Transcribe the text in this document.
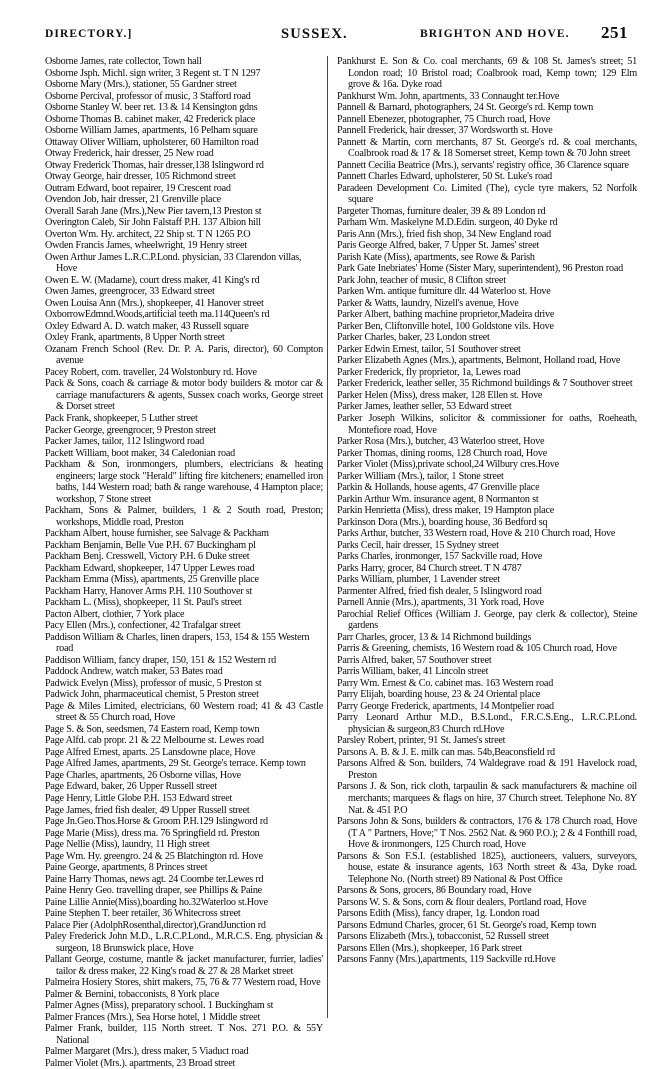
DIRECTORY.]	SUSSEX.	BRIGHTON AND HOVE. 251

Osborne James, rate collector, Town hall

Osborne Jsph. Michl. sign writer, 3 Regent st. T N 1297

Osborne Mary (Mrs.), stationer, 55 Gardner street

Osborne Percival, professor of music, 3 Stafford road

Osborne Stanley W. beer ret. 13 & 14 Kensington gdns

Osborne Thomas B. cabinet maker, 42 Frederick place

Osborne William James, apartments, 16 Pelham square

Ottaway Oliver William, upholsterer, 60 Hamilton road

Otway Frederick, hair dresser, 25 New road

Otway Frederick Thomas, hair dresser,138 Islingword rd

Otway George, hair dresser, 105 Richmond street

Outram Edward, boot repairer, 19 Crescent road

Ovendon Job, hair dresser, 21 Grenville place

Overall Sarah Jane (Mrs.),New Pier tavern,13 Preston st

Overington Caleb, Sir John Falstaff P.H. 137 Albion hill

Overton Wm. Hy. architect, 22 Ship st. T N 1265 P.O

Owden Francis James, wheelwright, 19 Henry street

Owen Arthur James L.R.C.P.Lond. physician, 33 Clarendon villas, Hove

Owen E. W. (Madame), court dress maker, 41 King's rd

Owen James, greengrocer, 33 Edward street

Owen Louisa Ann (Mrs.), shopkeeper, 41 Hanover street

OxborrowEdmnd.Woods,artificial teeth ma.114Queen's rd

Oxley Edward A. D. watch maker, 43 Russell square

Oxley Frank, apartments, 8 Upper North street

Ozanam French School (Rev. Dr. P. A. Paris, director), 60 Compton avenue

Pacey Robert, com. traveller, 24 Wolstonbury rd. Hove

Pack & Sons, coach & carriage & motor body builders & motor car & carriage manufacturers & agents, Sussex coach works, George street & Dorset street

Pack Frank, shopkeeper, 5 Luther street

Packer George, greengrocer, 9 Preston street

Packer James, tailor, 112 Islingword road

Packett William, boot maker, 34 Caledonian road

Packham & Son, ironmongers, plumbers, electricians & heating engineers; large stock "Herald" lifting fire kitcheners; enamelled iron baths, 144 Western road; bath & range warehouse, 4 Hampton place; workshop, 7 Stone street

Packham, Sons & Palmer, builders, 1 & 2 South road, Preston; workshops, Middle road, Preston

Packham Albert, house furnisher, see Salvage & Packham

Packham Benjamin, Belle Vue P.H. 67 Buckingham pl

Packham Benj. Cresswell, Victory P.H. 6 Duke street

Packham Edward, shopkeeper, 147 Upper Lewes road

Packham Emma (Miss), apartments, 25 Grenville place

Packham Harry, Hanover Arms P.H. 110 Southover st

Packham L. (Miss), shopkeeper, 11 St. Paul's street

Pacton Albert, clothier, 7 York place

Pacy Ellen (Mrs.), confectioner, 42 Trafalgar street

Paddison William & Charles, linen drapers, 153, 154 & 155 Western road

Paddison William, fancy draper, 150, 151 & 152 Western rd

Paddock Andrew, watch maker, 53 Bates road

Padwick Evelyn (Miss), professor of music, 5 Preston st

Padwick John, pharmaceutical chemist, 5 Preston street

Page & Miles Limited, electricians, 60 Western road; 41 & 43 Castle street & 55 Church road, Hove

Page S. & Son, seedsmen, 74 Eastern road, Kemp town

Page Alfd. cab propr. 21 & 22 Melbourne st. Lewes road

Page Alfred Ernest, aparts. 25 Lansdowne place, Hove

Page Alfred James, apartments, 29 St. George's terrace. Kemp town

Page Charles, apartments, 26 Osborne villas, Hove

Page Edward, baker, 26 Upper Russell street

Page Henry, Little Globe P.H. 153 Edward street

Page James, fried fish dealer, 49 Upper Russell street

Page Jn.Geo.Thos.Horse & Groom P.H.129 Islingword rd

Page Marie (Miss), dress ma. 76 Springfield rd. Preston

Page Nellie (Miss), laundry, 11 High street

Page Wm. Hy. greengro. 24 & 25 Blatchington rd. Hove

Paine George, apartments, 8 Princes street

Paine Harry Thomas, news agt. 24 Coombe ter.Lewes rd

Paine Henry Geo. travelling draper, see Phillips & Paine

Paine Lillie Annie(Miss),boarding ho.32Waterloo st.Hove

Paine Stephen T. beer retailer, 36 Whitecross street

Palace Pier (AdolphRosenthal,director),GrandJunction rd

Paley Frederick John M.D., L.R.C.P.Lond., M.R.C.S. Eng. physician & surgeon, 18 Brunswick place, Hove

Pallant George, costume, mantle & jacket manufacturer, furrier, ladies' tailor & dress maker, 22 King's road & 27 & 28 Market street

Palmeira Hosiery Stores, shirt makers, 75, 76 & 77 Western road, Hove

Palmer & Bernini, tobacconists, 8 York place

Palmer Agnes (Miss), preparatory school. 1 Buckingham st

Palmer Frances (Mrs.), Sea Horse hotel, 1 Middle street

Palmer Frank, builder, 115 North street. T Nos. 271 P.O. & 55Y National

Palmer Margaret (Mrs.), dress maker, 5 Viaduct road

Palmer Violet (Mrs.). apartments, 23 Broad street

Pankhurst E. Son & Co. coal merchants, 69 & 108 St. James's street; 51 London road; 10 Bristol road; Coalbrook road, Kemp town; 129 Elm grove & 16a. Dyke road

Pankhurst Wm. John, apartments, 33 Connaught ter.Hove

Pannell & Barnard, photographers, 24 St. George's rd. Kemp town

Pannell Ebenezer, photographer, 75 Church road, Hove

Pannell Frederick, hair dresser, 37 Wordsworth st. Hove

Pannett & Martin, corn merchants, 87 St. George's rd. & coal merchants, Coalbrook road & 17 & 18 Somerset street, Kemp town & 70 John street

Pannett Cecilia Beatrice (Mrs.), servants' registry office, 36 Clarence square

Pannett Charles Edward, upholsterer, 50 St. Luke's road

Paradeen Development Co. Limited (The), cycle tyre makers, 52 Norfolk square

Pargeter Thomas, furniture dealer, 39 & 89 London rd

Parham Wm. Maskelyne M.D.Edin. surgeon, 40 Dyke rd

Paris Ann (Mrs.), fried fish shop, 34 New England road

Paris George Alfred, baker, 7 Upper St. James' street

Parish Kate (Miss), apartments, see Rowe & Parish

Park Gate Inebriates' Home (Sister Mary, superintendent), 96 Preston road

Park John, teacher of music, 8 Clifton street

Parken Wm. antique furniture dlr. 44 Waterloo st. Hove

Parker & Watts, laundry, Nizell's avenue, Hove

Parker Albert, bathing machine proprietor,Madeira drive

Parker Ben, Cliftonville hotel, 100 Goldstone vils. Hove

Parker Charles, baker, 23 London street

Parker Edwin Ernest, tailor, 51 Southover street

Parker Elizabeth Agnes (Mrs.), apartments, Belmont, Holland road, Hove

Parker Frederick, fly proprietor, 1a, Lewes road

Parker Frederick, leather seller, 35 Richmond buildings & 7 Southover street

Parker Helen (Miss), dress maker, 128 Ellen st. Hove

Parker James, leather seller, 53 Edward street

Parker Joseph Wilkins, solicitor & commissioner for oaths, Roeheath, Montefiore road, Hove

Parker Rosa (Mrs.), butcher, 43 Waterloo street, Hove

Parker Thomas, dining rooms, 128 Church road, Hove

Parker Violet (Miss),private school,24 Wilbury cres.Hove

Parker William (Mrs.), tailor, 1 Stone street

Parkin & Hollands, house agents, 47 Grenville place

Parkin Arthur Wm. insurance agent, 8 Normanton st

Parkin Henrietta (Miss), dress maker, 19 Hampton place

Parkinson Dora (Mrs.), boarding house, 36 Bedford sq

Parks Arthur, butcher, 33 Western road, Hove & 210 Church road, Hove

Parks Cecil, hair dresser, 15 Sydney street

Parks Charles, ironmonger, 157 Sackville road, Hove

Parks Harry, grocer, 84 Church street. T N 4787

Parks William, plumber, 1 Lavender street

Parmenter Alfred, fried fish dealer, 5 Islingword road

Parnell Annie (Mrs.), apartments, 31 York road, Hove

Parochial Relief Offices (William J. George, pay clerk & collector), Steine gardens

Parr Charles, grocer, 13 & 14 Richmond buildings

Parris & Greening, chemists, 16 Western road & 105 Church road, Hove

Parris Alfred, baker, 57 Southover street

Parris William, baker, 41 Lincoln street

Parry Wm. Ernest & Co. cabinet mas. 163 Western road

Parry Elijah, boarding house, 23 & 24 Oriental place

Parry George Frederick, apartments, 14 Montpelier road

Parry Leonard Arthur M.D., B.S.Lond., F.R.C.S.Eng., L.R.C.P.Lond. physician & surgeon,83 Church rd.Hove

Parsley Robert, printer, 91 St. James's street

Parsons A. B. & J. E. milk can mas. 54b,Beaconsfield rd

Parsons Alfred & Son. builders, 74 Waldegrave road & 191 Havelock road, Preston

Parsons J. & Son, rick cloth, tarpaulin & sack manufacturers & machine oil merchants; marquees & flags on hire, 37 Church street. Telephone No. 8Y Nat. & 451 P.O

Parsons John & Sons, builders & contractors, 176 & 178 Church road, Hove (T A " Partners, Hove;" T Nos. 2562 Nat. & 960 P.O.); 2 & 4 Fonthill road, Hove & ironmongers, 125 Church road, Hove

Parsons & Son F.S.I. (established 1825), auctioneers, valuers, surveyors, house, estate & insurance agents, 163 North street & 43a, Dyke road. Telephone No. (North street) 89 National & Post Office

Parsons & Sons, grocers, 86 Boundary road, Hove

Parsons W. S. & Sons, corn & flour dealers, Portland road, Hove

Parsons Edith (Miss), fancy draper, 1g. London road

Parsons Edmund Charles, grocer, 61 St. George's road, Kemp town

Parsons Elizabeth (Mrs.), tobacconist, 52 Russell street

Parsons Ellen (Mrs.), shopkeeper, 16 Park street

Parsons Fanny (Mrs.),apartments, 119 Sackville rd.Hove
